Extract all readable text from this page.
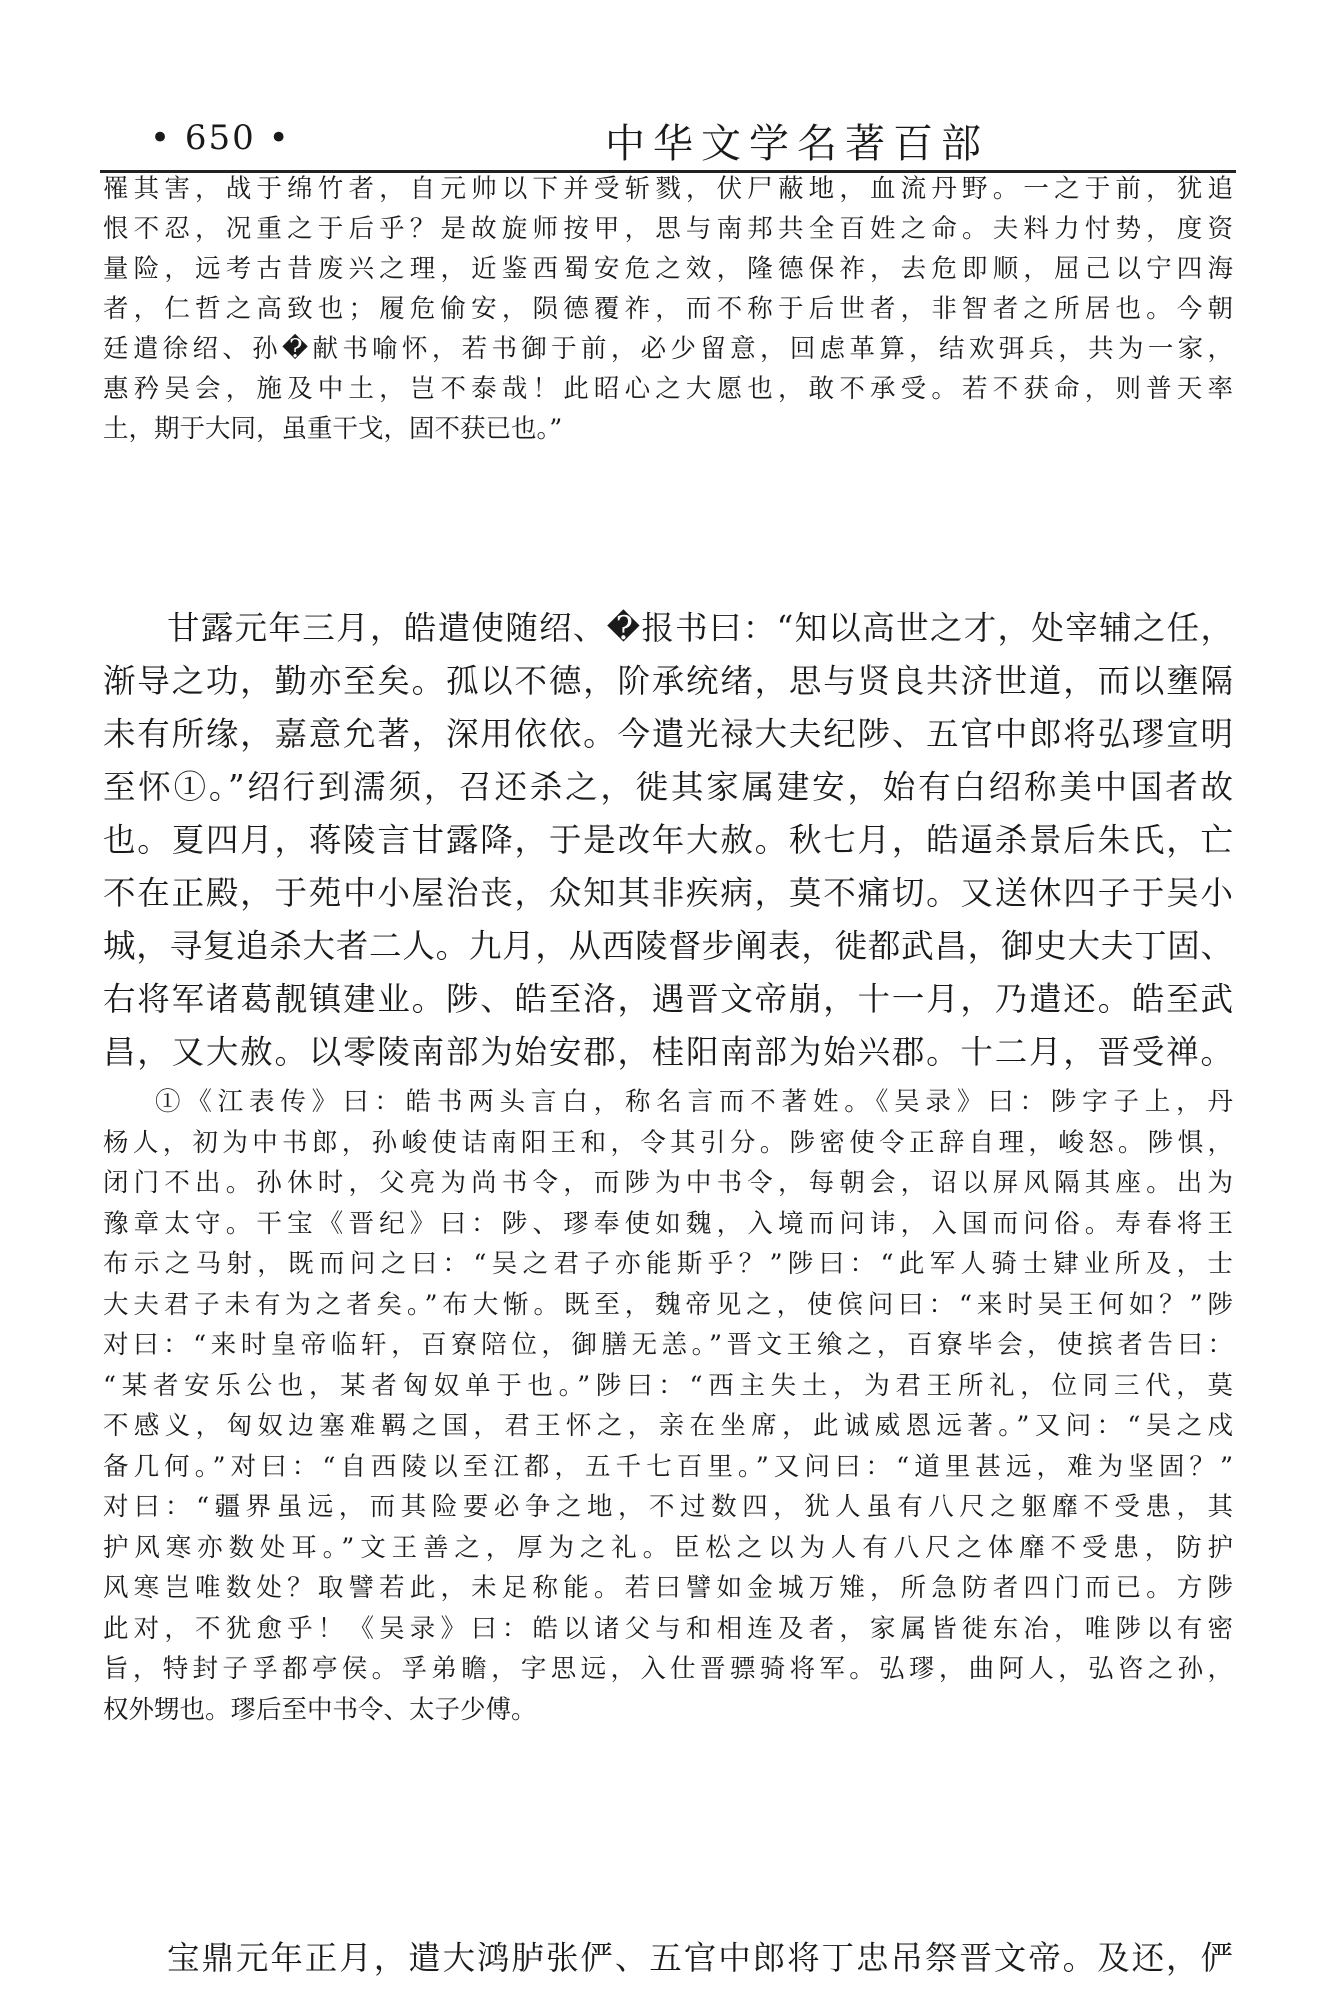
• 650 •	中华文学名著百部
罹其害，战于绵竹者，自元帅以下并受斩戮，伏尸蔽地，血流丹野。一之于前，犹追
恨不忍，况重之于后乎？是故旋师按甲，思与南邦共全百姓之命。夫料力忖势，度资
量险，远考古昔废兴之理，近鉴西蜀安危之效，隆德保祚，去危即顺，屈己以宁四海
者，仁哲之高致也；履危偷安，陨德覆祚，而不称于后世者，非智者之所居也。今朝
廷遣徐绍、孙�献书喻怀，若书御于前，必少留意，回虑革算，结欢弭兵，共为一家，
惠矜吴会，施及中土，岂不泰哉！此昭心之大愿也，敢不承受。若不获命，则普天率
土，期于大同，虽重干戈，固不获已也。”
甘露元年三月，皓遣使随绍、�报书曰：“知以高世之才，处宰辅之任，
渐导之功，勤亦至矣。孤以不德，阶承统绪，思与贤良共济世道，而以壅隔
未有所缘，嘉意允著，深用依依。今遣光禄大夫纪陟、五官中郎将弘璆宣明
至怀①。”绍行到濡须，召还杀之，徙其家属建安，始有白绍称美中国者故
也。夏四月，蒋陵言甘露降，于是改年大赦。秋七月，皓逼杀景后朱氏，亡
不在正殿，于苑中小屋治丧，众知其非疾病，莫不痛切。又送休四子于吴小
城，寻复追杀大者二人。九月，从西陵督步阐表，徙都武昌，御史大夫丁固、
右将军诸葛靓镇建业。陟、皓至洛，遇晋文帝崩，十一月，乃遣还。皓至武
昌，又大赦。以零陵南部为始安郡，桂阳南部为始兴郡。十二月，晋受禅。
①《江表传》曰：皓书两头言白，称名言而不著姓。《吴录》曰：陟字子上，丹
杨人，初为中书郎，孙峻使诘南阳王和，令其引分。陟密使令正辞自理，峻怒。陟惧，
闭门不出。孙休时，父亮为尚书令，而陟为中书令，每朝会，诏以屏风隔其座。出为
豫章太守。干宝《晋纪》曰：陟、璆奉使如魏，入境而问讳，入国而问俗。寿春将王
布示之马射，既而问之曰：“吴之君子亦能斯乎？”陟曰：“此军人骑士肄业所及，士
大夫君子未有为之者矣。”布大惭。既至，魏帝见之，使傧问曰：“来时吴王何如？”陟
对曰：“来时皇帝临轩，百寮陪位，御膳无恙。”晋文王飨之，百寮毕会，使摈者告曰：
“某者安乐公也，某者匈奴单于也。”陟曰：“西主失土，为君王所礼，位同三代，莫
不感义，匈奴边塞难羁之国，君王怀之，亲在坐席，此诚威恩远著。”又问：“吴之戍
备几何。”对曰：“自西陵以至江都，五千七百里。”又问曰：“道里甚远，难为坚固？”
对曰：“疆界虽远，而其险要必争之地，不过数四，犹人虽有八尺之躯靡不受患，其
护风寒亦数处耳。”文王善之，厚为之礼。臣松之以为人有八尺之体靡不受患，防护
风寒岂唯数处？取譬若此，未足称能。若曰譬如金城万雉，所急防者四门而已。方陟
此对，不犹愈乎！《吴录》曰：皓以诸父与和相连及者，家属皆徙东冶，唯陟以有密
旨，特封子孚都亭侯。孚弟瞻，字思远，入仕晋骠骑将军。弘璆，曲阿人，弘咨之孙，
权外甥也。璆后至中书令、太子少傅。
宝鼎元年正月，遣大鸿胪张俨、五官中郎将丁忠吊祭晋文帝。及还，俨
